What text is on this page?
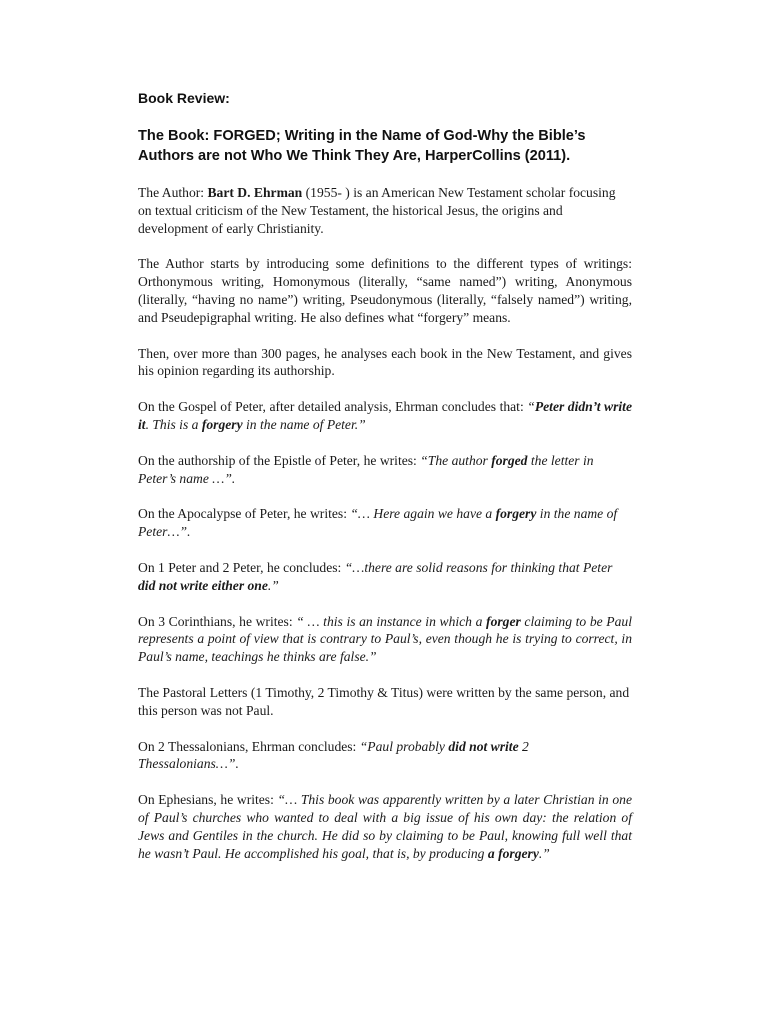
Book Review:
The Book: FORGED; Writing in the Name of God-Why the Bible’s Authors are not Who We Think They Are, HarperCollins (2011).

The Author: Bart D. Ehrman (1955- ) is an American New Testament scholar focusing on textual criticism of the New Testament, the historical Jesus, the origins and development of early Christianity.

The Author starts by introducing some definitions to the different types of writings: Orthonymous writing, Homonymous (literally, “same named”) writing, Anonymous (literally, “having no name”) writing, Pseudonymous (literally, “falsely named”) writing, and Pseudepigraphal writing. He also defines what “forgery” means.

Then, over more than 300 pages, he analyses each book in the New Testament, and gives his opinion regarding its authorship.

On the Gospel of Peter, after detailed analysis, Ehrman concludes that: “Peter didn’t write it. This is a forgery in the name of Peter.”

On the authorship of the Epistle of Peter, he writes: “The author forged the letter in Peter’s name …”.

On the Apocalypse of Peter, he writes: “… Here again we have a forgery in the name of Peter…”.

On 1 Peter and 2 Peter, he concludes: “…there are solid reasons for thinking that Peter did not write either one.”

On 3 Corinthians, he writes: “ … this is an instance in which a forger claiming to be Paul represents a point of view that is contrary to Paul’s, even though he is trying to correct, in Paul’s name, teachings he thinks are false.”

The Pastoral Letters (1 Timothy, 2 Timothy & Titus) were written by the same person, and this person was not Paul.

On 2 Thessalonians, Ehrman concludes: “Paul probably did not write 2 Thessalonians…”.

On Ephesians, he writes: “… This book was apparently written by a later Christian in one of Paul’s churches who wanted to deal with a big issue of his own day: the relation of Jews and Gentiles in the church. He did so by claiming to be Paul, knowing full well that he wasn’t Paul. He accomplished his goal, that is, by producing a forgery.”
